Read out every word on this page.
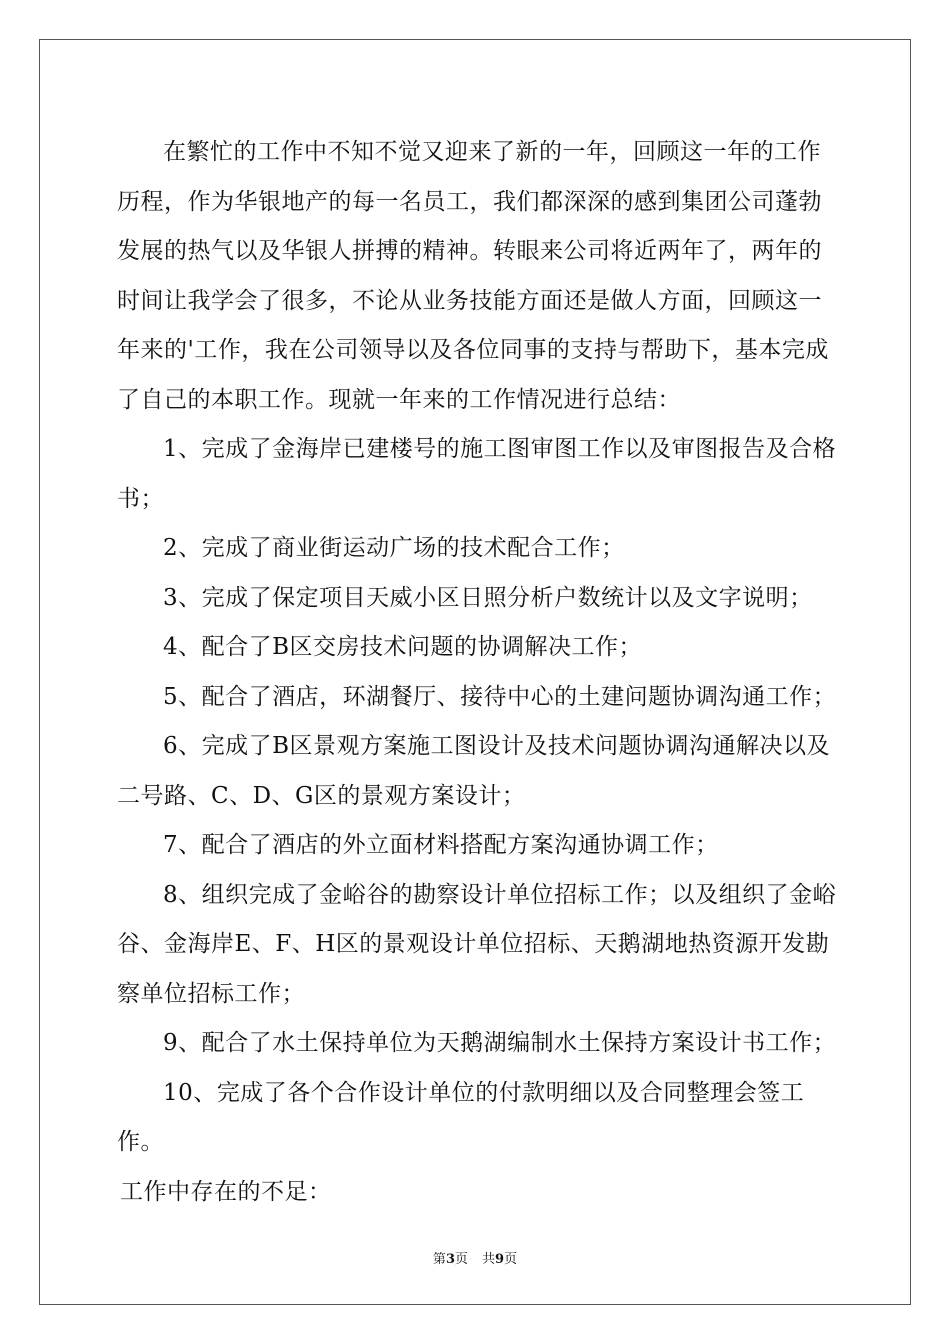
在繁忙的工作中不知不觉又迎来了新的一年，回顾这一年的工作历程，作为华银地产的每一名员工，我们都深深的感到集团公司蓬勃发展的热气以及华银人拼搏的精神。转眼来公司将近两年了，两年的时间让我学会了很多，不论从业务技能方面还是做人方面，回顾这一年来的'工作，我在公司领导以及各位同事的支持与帮助下，基本完成了自己的本职工作。现就一年来的工作情况进行总结：

1、完成了金海岸已建楼号的施工图审图工作以及审图报告及合格书；

2、完成了商业街运动广场的技术配合工作；

3、完成了保定项目天威小区日照分析户数统计以及文字说明；

4、配合了B区交房技术问题的协调解决工作；

5、配合了酒店，环湖餐厅、接待中心的土建问题协调沟通工作；

6、完成了B区景观方案施工图设计及技术问题协调沟通解决以及二号路、C、D、G区的景观方案设计；

7、配合了酒店的外立面材料搭配方案沟通协调工作；

8、组织完成了金峪谷的勘察设计单位招标工作；以及组织了金峪谷、金海岸E、F、H区的景观设计单位招标、天鹅湖地热资源开发勘察单位招标工作；

9、配合了水土保持单位为天鹅湖编制水土保持方案设计书工作；

10、完成了各个合作设计单位的付款明细以及合同整理会签工作。

工作中存在的不足：

第3页 共9页
